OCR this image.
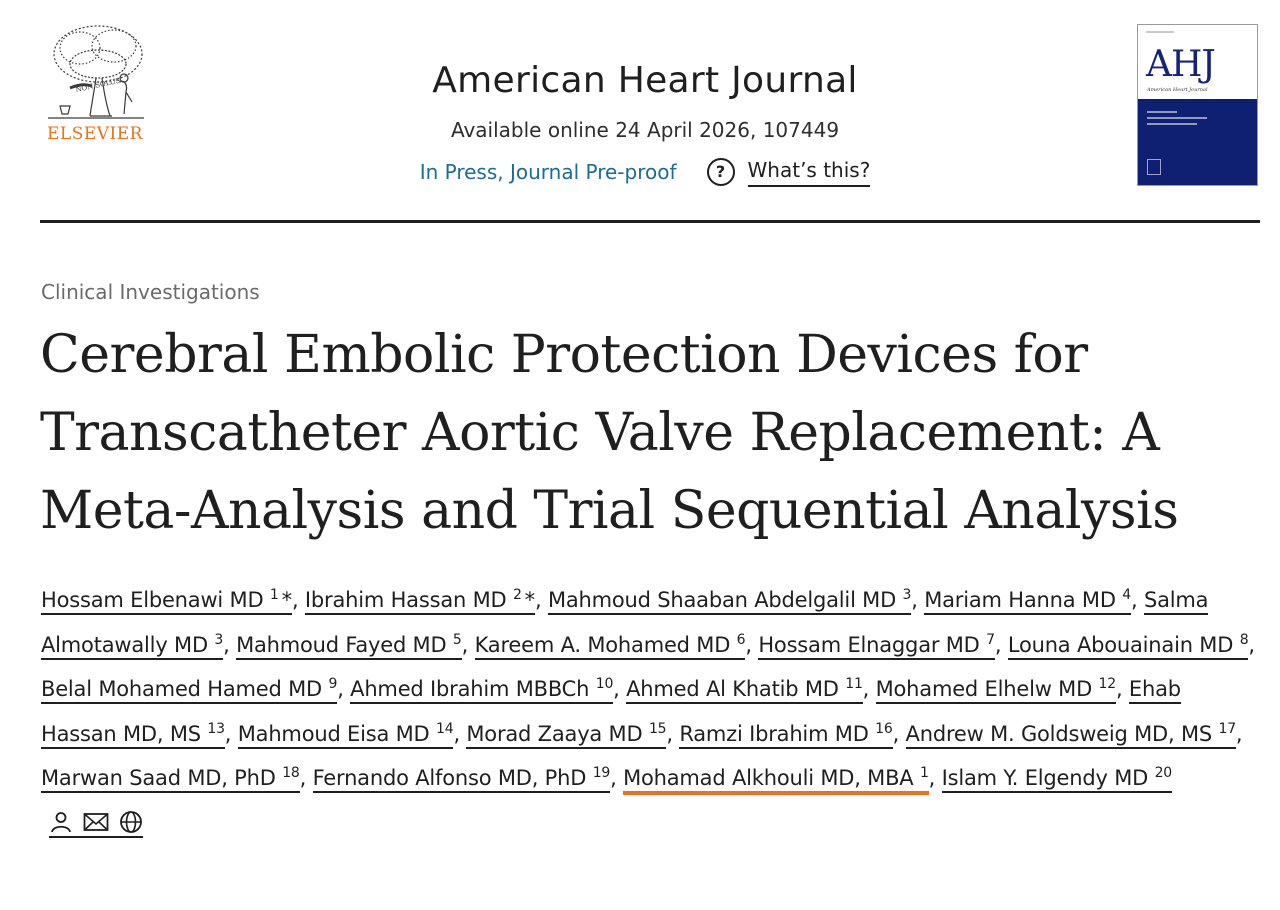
NON SOLUS
ELSEVIER
American Heart Journal
Available online 24 April 2026, 107449
In Press, Journal Pre-proof	?	What’s this?
AHJ
American Heart Journal
Clinical Investigations
Cerebral Embolic Protection Devices for Transcatheter Aortic Valve Replacement: A Meta-Analysis and Trial Sequential Analysis
Hossam Elbenawi MD $^1$ *, Ibrahim Hassan MD $^2$ *, Mahmoud Shaaban Abdelgalil MD $^3$, Mariam Hanna MD $^4$, Salma Almotawally MD $^3$, Mahmoud Fayed MD $^5$, Kareem A. Mohamed MD $^6$, Hossam Elnaggar MD $^7$, Louna Abouainain MD $^8$, Belal Mohamed Hamed MD $^9$, Ahmed Ibrahim MBBCh $^{10}$, Ahmed Al Khatib MD $^{11}$, Mohamed Elhelw MD $^{12}$, Ehab Hassan MD, MS $^{13}$, Mahmoud Eisa MD $^{14}$, Morad Zaaya MD $^{15}$, Ramzi Ibrahim MD $^{16}$, Andrew M. Goldsweig MD, MS $^{17}$, Marwan Saad MD, PhD $^{18}$, Fernando Alfonso MD, PhD $^{19}$, Mohamad Alkhouli MD, MBA $^1$, Islam Y. Elgendy MD $^{20}$
